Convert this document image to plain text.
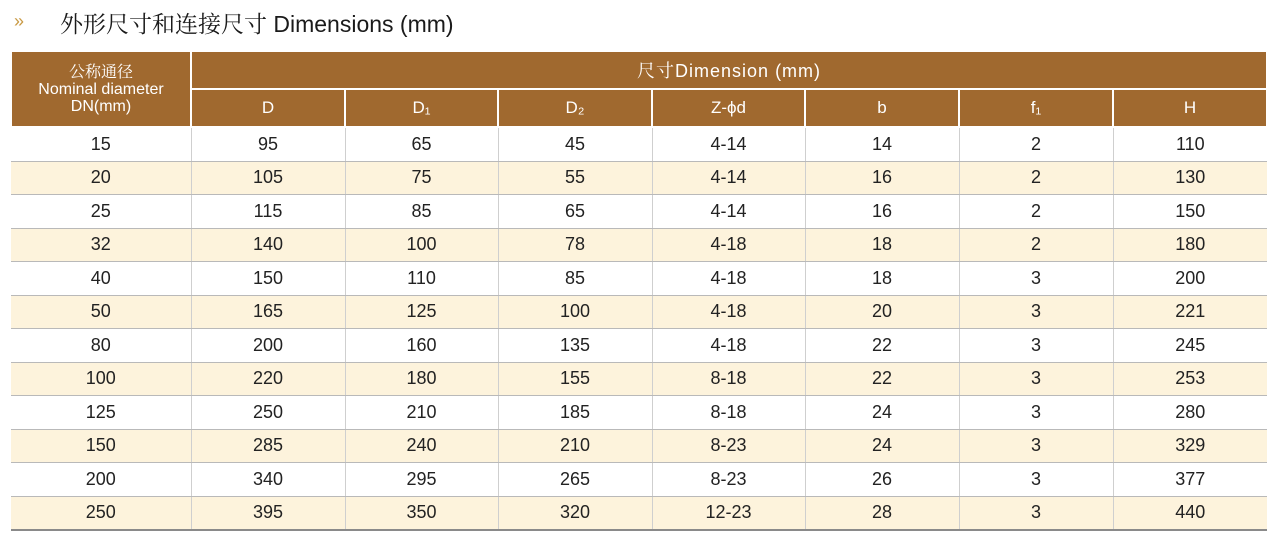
» 外形尺寸和连接尺寸 Dimensions (mm)
公称通径
Nominal diameter
DN(mm)	尺寸Dimension (mm)						
	D	D₁	D₂	Z-ϕd	b	f₁	H
15	95	65	45	4-14	14	2	110
20	105	75	55	4-14	16	2	130
25	115	85	65	4-14	16	2	150
32	140	100	78	4-18	18	2	180
40	150	110	85	4-18	18	3	200
50	165	125	100	4-18	20	3	221
80	200	160	135	4-18	22	3	245
100	220	180	155	8-18	22	3	253
125	250	210	185	8-18	24	3	280
150	285	240	210	8-23	24	3	329
200	340	295	265	8-23	26	3	377
250	395	350	320	12-23	28	3	440
